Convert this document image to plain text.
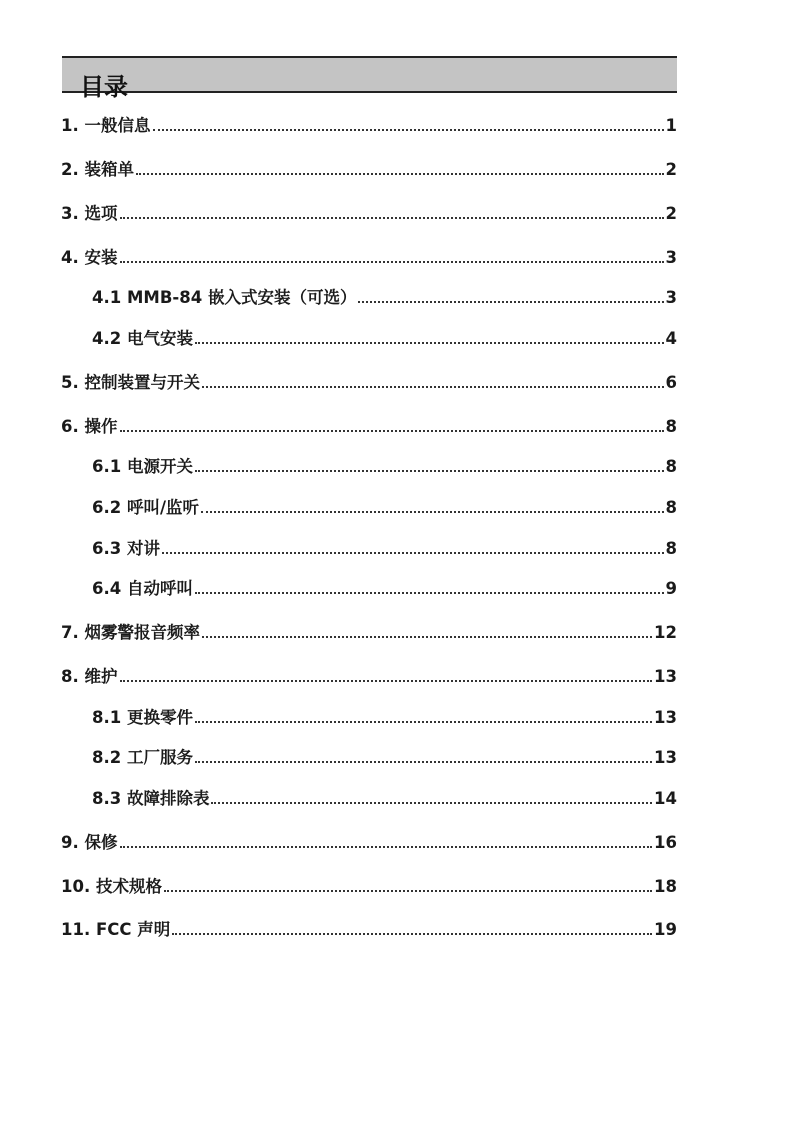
目录
1. 一般信息	1
2. 装箱单	2
3. 选项	2
4. 安装	3
4.1 MMB-84 嵌入式安装（可选）	3
4.2 电气安装	4
5. 控制装置与开关	6
6. 操作	8
6.1 电源开关	8
6.2 呼叫/监听	8
6.3 对讲	8
6.4 自动呼叫	9
7. 烟雾警报音频率	12
8. 维护	13
8.1 更换零件	13
8.2 工厂服务	13
8.3 故障排除表	14
9. 保修	16
10. 技术规格	18
11. FCC 声明	19
